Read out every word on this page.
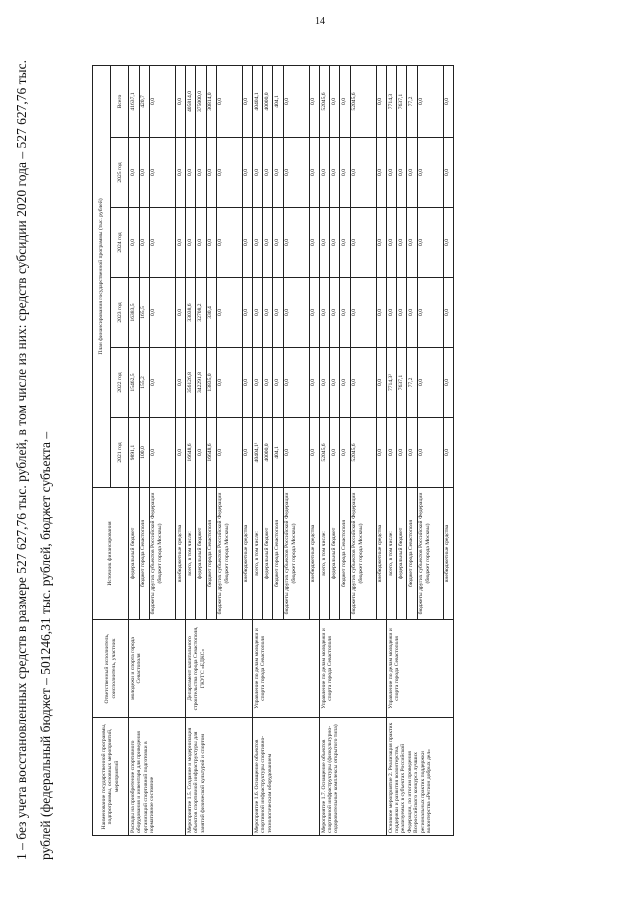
14
1 – без учета восстановленных средств в размере 527 627,76 тыс. рублей, в том числе из них: средств субсидии 2020 года – 527 627,76 тыс. рублей (федеральный бюджет – 501246,31 тыс. рублей, бюджет субъекта –	Наименование государственной программы, подпрограммы, основных мероприятий, мероприятий	Ответственный исполнитель, соисполнитель, участник	Источник финансирования	План финансирования государственной программы (тыс. рублей)					
			2021 год	2022 год	2023 год	2024 год	2025 год	Всего
Расходы на приобретение спортивного оборудования и инвентаря для приведения организаций спортивной подготовки в нормативное состояние	молодежи и спорта города Севастополя	федеральный бюджет	9891,1	15462,5	16383,5	0,0	0,0	41637,1
		бюджет города Севастополя	100,0	155,2	165,5	0,0	0,0	420,7
		бюджеты других субъектов Российской Федерации (бюджет города Москвы)	0,0	0,0	0,0	0,0	0,0	0,0
		внебюджетные средства	0,0	0,0	0,0	0,0	0,0	0,0
Мероприятие 1.5. Создание и модернизация объектов спортивной инфраструктуры для занятий физической культурой и спортом	Департамент капитального строительства города Севастополя, ГКУГС «ЕДКС»	всего, в том числе:	16648,6	356126,8	33038,6	0,0	0,0	405814,0
		федеральный бюджет	0,0	342291,8	32708,2	0,0	0,0	375000,0
		бюджет города Севастополя	16648,6	13835,0	330,4	0,0	0,0	30814,0
		бюджеты других субъектов Российской Федерации (бюджет города Москвы)	0,0	0,0	0,0	0,0	0,0	0,0
		внебюджетные средства	0,0	0,0	0,0	0,0	0,0	0,0
Мероприятие 1.6. Оснащение объектов спортивной инфраструктуры спортивно-технологическим оборудованием	Управление по делам молодежи и спорта города Севастополя	всего, в том числе:	40404,1¹	0,0	0,0	0,0	0,0	40404,1
		федеральный бюджет	40000,0	0,0	0,0	0,0	0,0	40000,0
		бюджет города Севастополя	404,1	0,0	0,0	0,0	0,0	404,1
		бюджеты других субъектов Российской Федерации (бюджет города Москвы)	0,0	0,0	0,0	0,0	0,0	0,0
		внебюджетные средства	0,0	0,0	0,0	0,0	0,0	0,0
Мероприятие 1.7. Оснащение объектов спортивной инфраструктуры (физкультурно-оздоровительные комплексы открытого типа)	Управление по делам молодежи и спорта города Севастополя	всего, в том числе:	52045,6	0,0	0,0	0,0	0,0	52045,6
		федеральный бюджет	0,0	0,0	0,0	0,0	0,0	0,0
		бюджет города Севастополя	0,0	0,0	0,0	0,0	0,0	0,0
		бюджеты других субъектов Российской Федерации (бюджет города Москвы)	52045,6	0,0	0,0	0,0	0,0	52045,6
		внебюджетные средства	0,0	0,0	0,0	0,0	0,0	0,0
Основное мероприятие 2. Реализация практик поддержки и развития волонтерства, реализуемых в субъектах Российской Федерации, по итогам проведения Всероссийского конкурса лучших региональных практик поддержки волонтерства «Регион добрых дел»	Управление по делам молодежи и спорта города Севастополя	всего, в том числе:	0,0	7714,3²	0,0	0,0	0,0	7714,3
		федеральный бюджет	0,0	7637,1	0,0	0,0	0,0	7637,1
		бюджет города Севастополя	0,0	77,2	0,0	0,0	0,0	77,2
		бюджеты других субъектов Российской Федерации (бюджет города Москвы)	0,0	0,0	0,0	0,0	0,0	0,0
		внебюджетные средства	0,0	0,0	0,0	0,0	0,0	0,0
